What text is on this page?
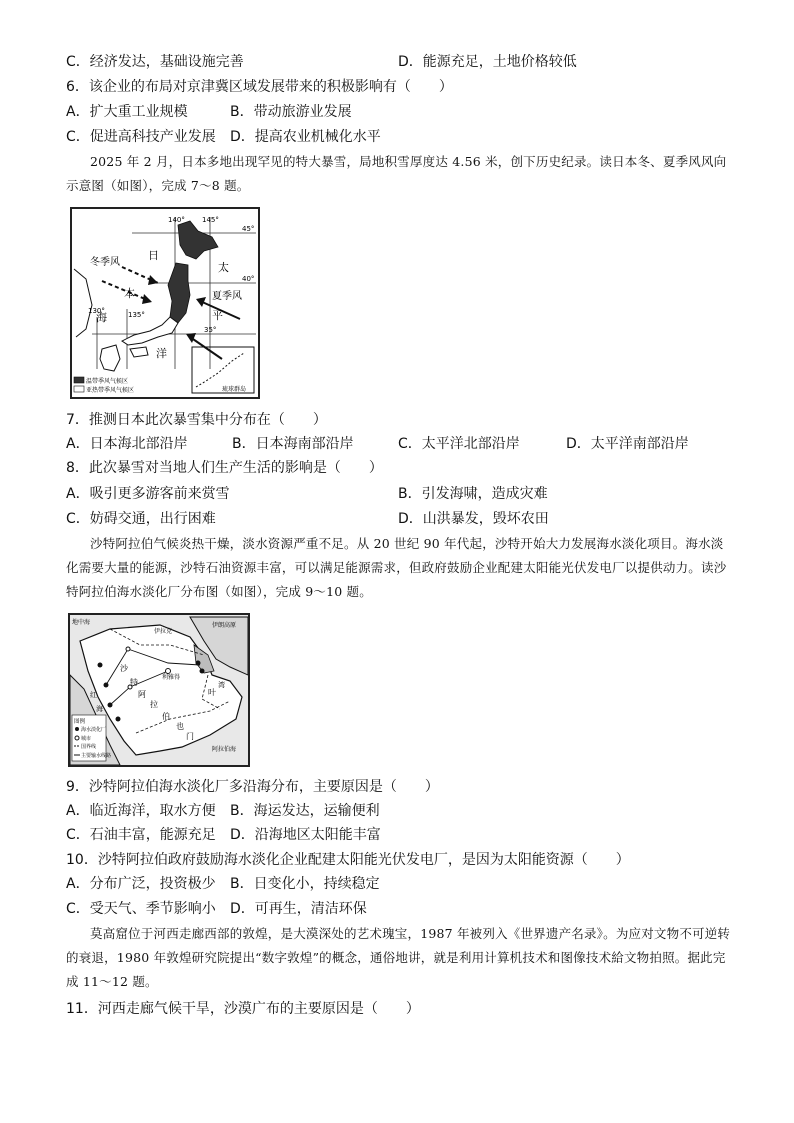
C．经济发达，基础设施完善	D．能源充足，土地价格较低
6．该企业的布局对京津冀区域发展带来的积极影响有（　　）
A．扩大重工业规模	B．带动旅游业发展
C．促进高科技产业发展 D．提高农业机械化水平
2025 年 2 月，日本多地出现罕见的特大暴雪，局地积雪厚度达 4.56 米，创下历史纪录。读日本冬、夏季风风向示意图（如图），完成 7～8 题。
140° 145°
45°
40°
35°
135°
130°
冬季风
夏季风
日
本
海
太
平
洋
温带季风气候区
亚热带季风气候区	琉球群岛
7．推测日本此次暴雪集中分布在（　　）
A．日本海北部沿岸	B．日本海南部沿岸	C．太平洋北部沿岸	D．太平洋南部沿岸
8．此次暴雪对当地人们生产生活的影响是（　　）
A．吸引更多游客前来赏雪	B．引发海啸，造成灾难
C．妨碍交通，出行困难	D．山洪暴发，毁坏农田
沙特阿拉伯气候炎热干燥，淡水资源严重不足。从 20 世纪 90 年代起，沙特开始大力发展海水淡化项目。海水淡化需要大量的能源，沙特石油资源丰富，可以满足能源需求，但政府鼓励企业配建太阳能光伏发电厂以提供动力。读沙特阿拉伯海水淡化厂分布图（如图），完成 9～10 题。
地中海
伊拉克
伊朗高原
沙
特
阿
拉
伯
利雅得
也
门
叶
湾
红
海
阿拉伯海
图例
海水淡化厂
城市
国界线
主要输水线路
9．沙特阿拉伯海水淡化厂多沿海分布，主要原因是（　　）
A．临近海洋，取水方便 B．海运发达，运输便利
C．石油丰富，能源充足 D．沿海地区太阳能丰富
10．沙特阿拉伯政府鼓励海水淡化企业配建太阳能光伏发电厂，是因为太阳能资源（　　）
A．分布广泛，投资极少 B．日变化小，持续稳定
C．受天气、季节影响小 D．可再生，清洁环保
莫高窟位于河西走廊西部的敦煌，是大漠深处的艺术瑰宝，1987 年被列入《世界遗产名录》。为应对文物不可逆转的衰退，1980 年敦煌研究院提出“数字敦煌”的概念，通俗地讲，就是利用计算机技术和图像技术給文物拍照。据此完成 11～12 题。
11．河西走廊气候干旱，沙漠广布的主要原因是（　　）
